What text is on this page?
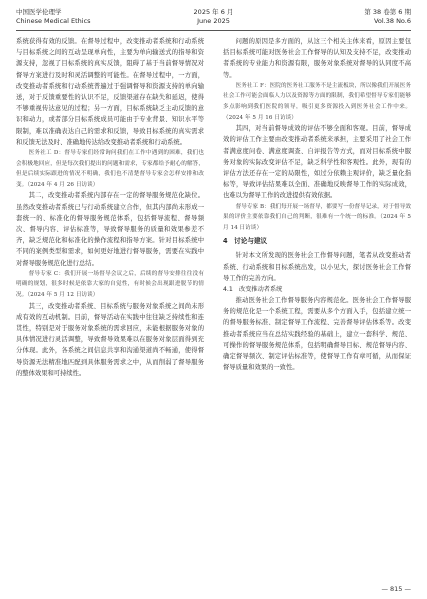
中国医学伦理学
Chinese Medical Ethics
2025 年 6 月
June 2025
第 38 卷第 6 期
Vol.38 No.6

系统获得有效的反馈。在督导过程中，改变推动者系统和行动系统与目标系统之间的互动呈现单向性，主要为单向输送式的指导和资源支持，忽视了目标系统的真实反馈，阻碍了基于当前督导情况对督导方案进行及时和灵活调整的可能性。在督导过程中，一方面，改变推动者系统和行动系统普遍过于强调督导和资源支持的单向输送，对于反馈重要性的认识不足，反馈渠道存在缺失和延迟，使得不够重视传达意见的过程；另一方面，目标系统缺乏主动反馈的意识和动力，或者部分目标系统成员可能由于专业背景、知识水平等限制，难以准确表达自己的需求和反馈，导致目标系统的真实需求和反馈无法及时、准确地传达给改变推动者系统和行动系统。

医务社工 D：督导专家们经常询问我们在工作中遇到的困难，我们也会积极地回应，但是每次我们提出的问题和需求，专家都给予耐心的解答，但是后续实际跟进的情况不明确，我们也不清楚督导专家会怎样安排和改变。（2024 年 4 月 26 日访谈）

其二，改变推动者系统内部存在一定的督导服务规范化缺位。虽然改变推动者系统已与行动系统建立合作，但其内部尚未形成一套统一的、标准化的督导服务规范体系，包括督导流程、督导频次、督导内容、评估标准等，导致督导服务的质量和效果参差不齐，缺乏规范化和标准化的操作流程和指导方案。针对目标系统中不同的案例类型和需求，如何更好地进行督导服务，需要在实践中对督导服务规范化进行总结。

督导专家 C：我们开展一场督导会议之后，后续的督导安排往往没有明确的规划，很多时候是依靠大家的自觉性，有时候会出现跟进脱节的情况。（2024 年 5 月 12 日访谈）

其三，改变推动者系统、目标系统与服务对象系统之间尚未形成有效的互动机制。目前，督导活动在实践中往往缺乏持续性和连贯性，特别是对于服务对象系统的需求回应，未能根据服务对象的具体情况进行灵活调整，导致督导效果难以在服务对象层面得到充分体现。此外，各系统之间信息共享和沟通渠道尚不畅通，使得督导资源无法精准地匹配到具体服务需求之中，从而削弱了督导服务的整体效果和可持续性。

问题的原因是多方面的，从这三个相关主体来看，原因主要包括目标系统可能对医务社会工作督导的认知及支持不足，改变推动者系统的专业能力和资源有限，服务对象系统对督导的认同度不高等。

医务社工 F：医院的医务社工服务不是主流板块，所以像我们开展医务社会工作可能会面临人力以及资源等方面的限制，我们希望督导专家们能够多点影响到我们医院的领导，吸引更多资源投入到医务社会工作中来。（2024 年 5 月 16 日访谈）

其四，对当前督导成效的评估不够全面和客观。目前，督导成效的评估工作主要由改变推动者系统来承担，主要采用了社会工作者满意度问卷、满意度调查、自评报告等方式，而对目标系统中服务对象的实际改变评估不足，缺乏科学性和客观性。此外，现有的评估方法还存在一定的局限性，如过分依赖主观评价，缺乏量化指标等，导致评估结果难以全面、准确地反映督导工作的实际成效，也难以为督导工作的改进提供有效依据。

督导专家 B：我们每开展一场督导，都要写一份督导记录，对于督导效果的评价主要依靠我们自己的判断，很难有一个统一的标准。（2024 年 5 月 14 日访谈）

4　讨论与建议

针对本文所发现的医务社会工作督导问题，笔者从改变推动者系统、行动系统和目标系统出发，以小见大，探讨医务社会工作督导工作的完善方向。

4.1　改变推动者系统

推动医务社会工作督导服务内容规范化。医务社会工作督导服务的规范化是一个系统工程，需要从多个方面入手，包括建立统一的督导服务标准、制定督导工作流程、完善督导评估体系等。改变推动者系统应当在总结实践经验的基础上，建立一套科学、规范、可操作的督导服务规范体系，包括明确督导目标、规范督导内容、确定督导频次、制定评估标准等，使督导工作有章可循，从而保证督导质量和效果的一致性。

— 815 —
